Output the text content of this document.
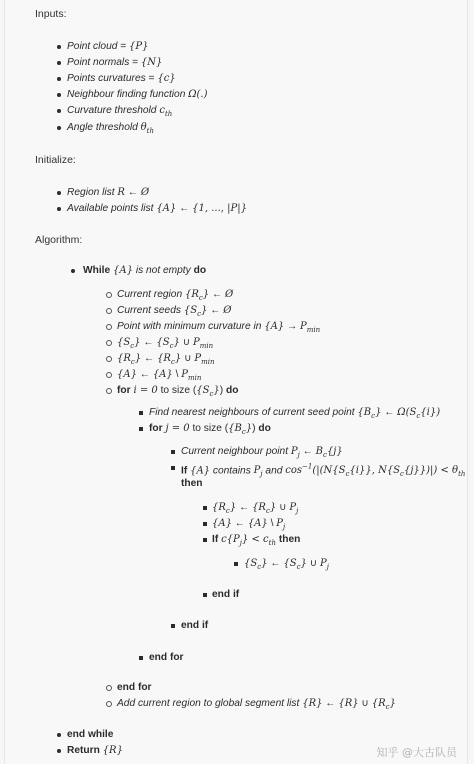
Inputs:
Point cloud = {P}
Point normals = {N}
Points curvatures = {c}
Neighbour finding function Ω(.)
Curvature threshold $c_{th}$
Angle threshold $\theta_{th}$
Initialize:
Region list R ← Ø
Available points list {A} ← {1, ..., |P|}
Algorithm:
While {A} is not empty do
Current region $\{R_c\}$ ← Ø
Current seeds $\{S_c\}$ ← Ø
Point with minimum curvature in $\{A\} \to P_{min}$
$\{S_c\}$ ← $\{S_c\}$ ∪ $P_{min}$
$\{R_c\}$ ← $\{R_c\}$ ∪ $P_{min}$
{A} ← {A} \ $P_{min}$
for i = 0 to size $(\{S_c\})$ do
Find nearest neighbours of current seed point $\{B_c\}$ ← $\Omega(S_c\{i\})$
for j = 0 to size $(\{B_c\})$ do
Current neighbour point $P_j$ ← $B_c\{j\}$
If {A} contains $P_j$ and $\cos^{-1}(|(N\{S_c\{i\}\}$, $N\{S_c\{j\}\})|) < \theta_{th}$
then
$\{R_c\}$ ← $\{R_c\}$ ∪ $P_j$
{A} ← {A} \ $P_j$
If $c\{P_j\} < c_{th}$ then
$\{S_c\}$ ← $\{S_c\}$ ∪ $P_j$
end if
end if
end for
end for
Add current region to global segment list {R} ← {R} ∪ $\{R_c\}$
end while
Return {R}	知乎 @大古队员
